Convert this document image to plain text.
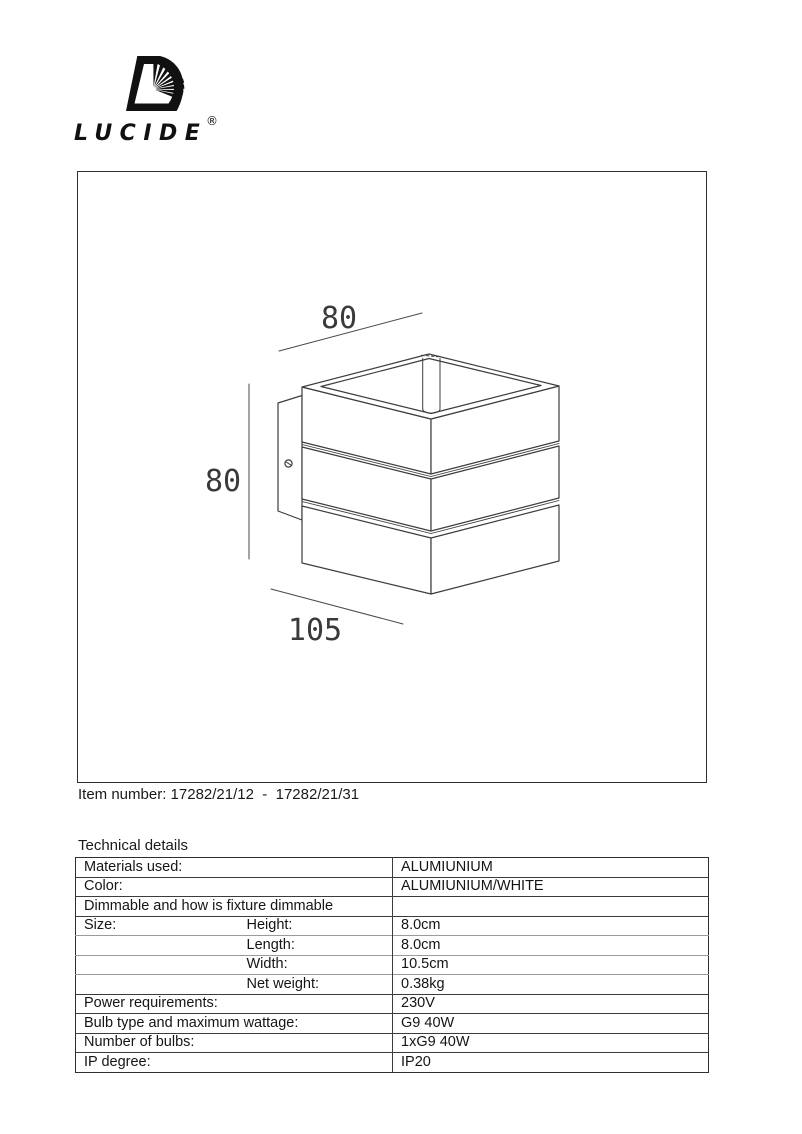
LUCIDE
®
80
80
105
Item number: 17282/21/12  -  17282/21/31
Technical details
Materials used:		ALUMIUNIUM
Color:		ALUMIUNIUM/WHITE
Dimmable and how is fixture dimmable		
Size:	Height:	8.0cm
	Length:	8.0cm
	Width:	10.5cm
	Net weight:	0.38kg
Power requirements:		230V
Bulb type and maximum wattage:		G9 40W
Number of bulbs:		1xG9 40W
IP degree:		IP20
